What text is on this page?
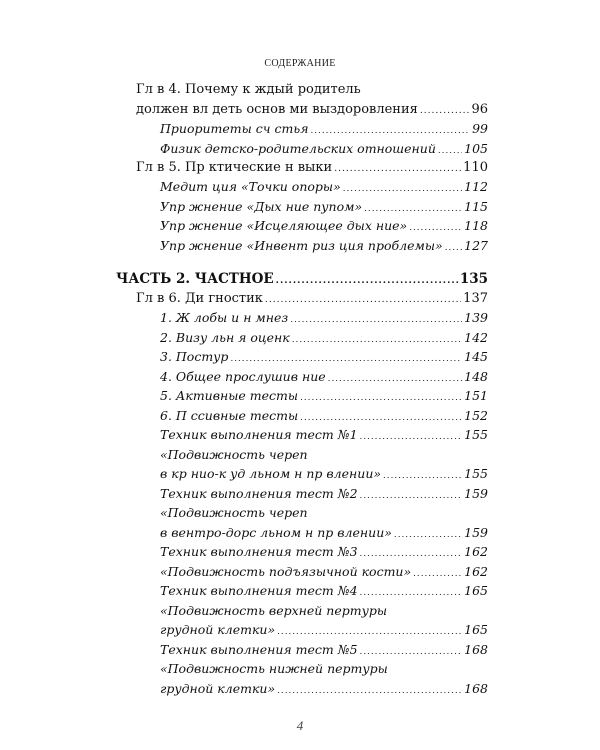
СОДЕРЖАНИЕ
Гл в 4. Почему к ждый родитель
должен вл деть основ ми выздоровления .....	96
Приоритеты сч стья .....	99
Физик детско-родительских отношений ..... 105
Гл в 5. Пр ктические н выки .....	110
Медит ция «Точки опоры» .....	112
Упр жнение «Дых ние пупом» .....	115
Упр жнение «Исцеляющее дых ние» .....	118
Упр жнение «Инвент риз ция проблемы» ..... 127
ЧАСТЬ 2. ЧАСТНОЕ .....	135
Гл в 6. Ди гностик .....	137
1. Ж лобы и н мнез .....	139
2. Визу льн я оценк .....	142
3. Постур .....	145
4. Общее прослушив ние .....	148
5. Активные тесты .....	151
6. П ссивные тесты .....	152
Техник выполнения тест №1 .....	155
«Подвижность череп
в кр нио-к уд льном н пр влении» .....	155
Техник выполнения тест №2 .....	159
«Подвижность череп
в вентро-дорс льном н пр влении» .....	159
Техник выполнения тест №3 .....	162
«Подвижность подъязычной кости» .....	162
Техник выполнения тест №4 .....	165
«Подвижность верхней пертуры
грудной клетки» .....	165
Техник выполнения тест №5 .....	168
«Подвижность нижней пертуры
грудной клетки» .....	168
4
